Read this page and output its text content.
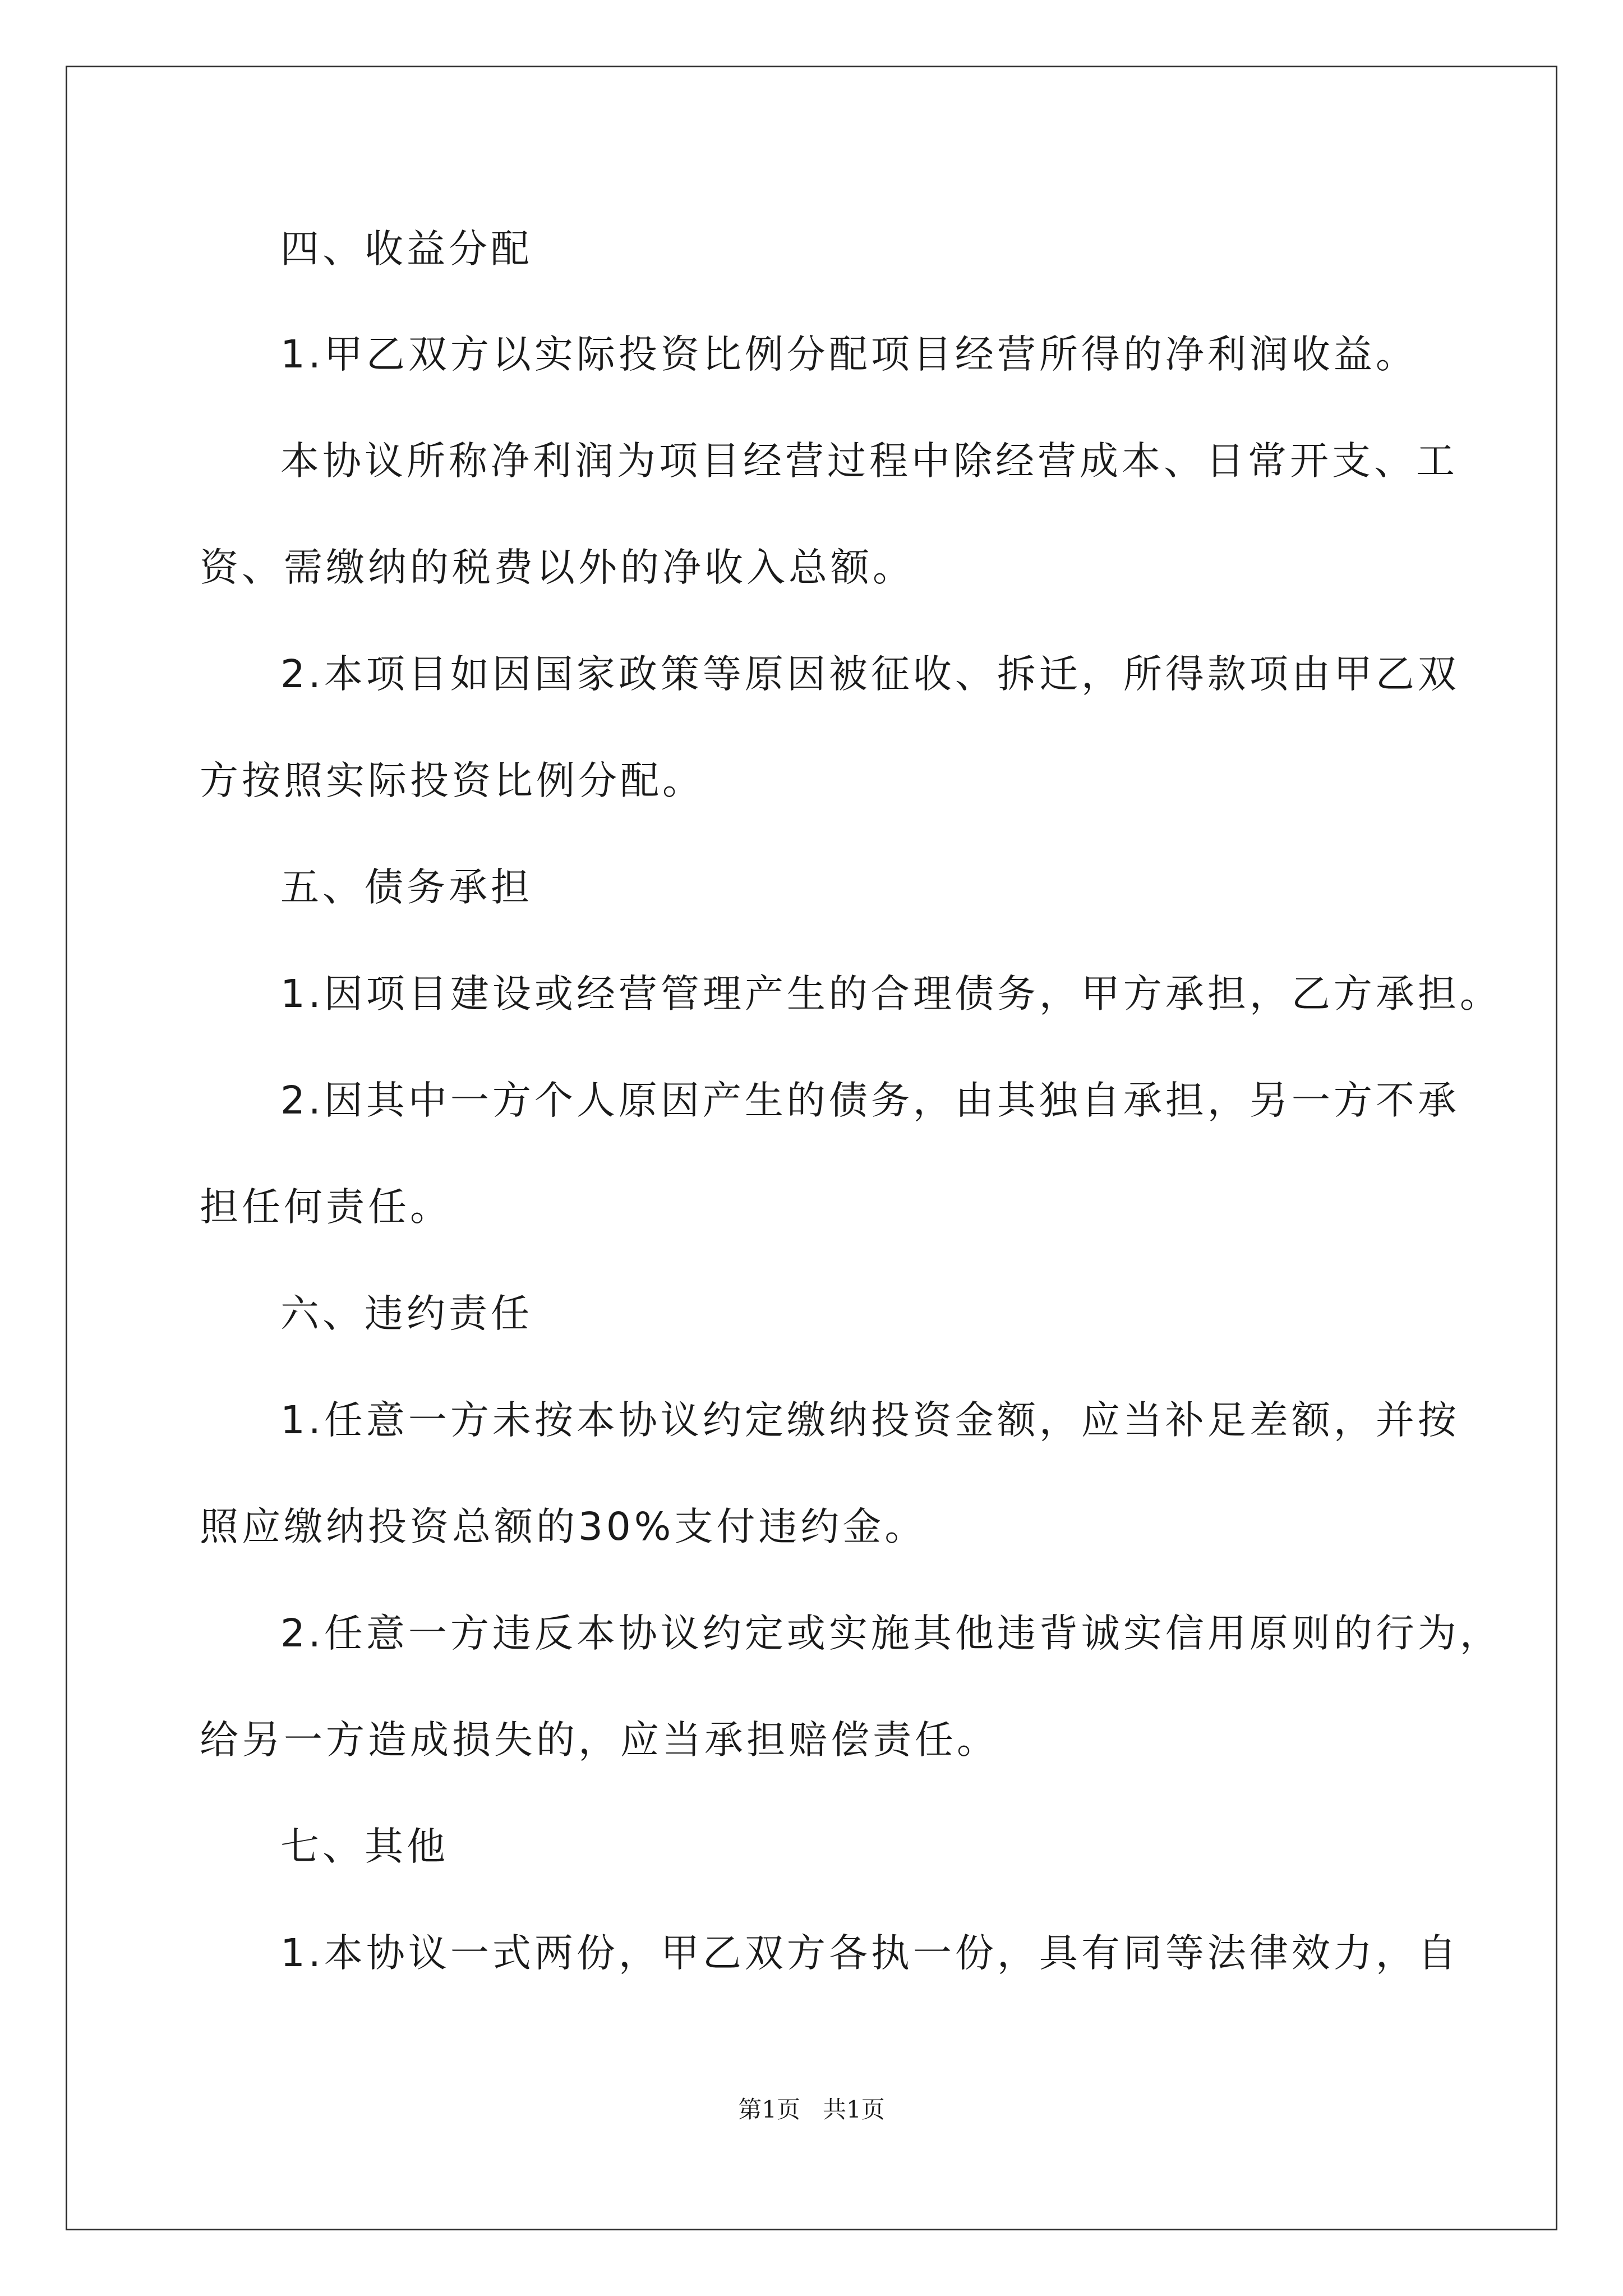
四、收益分配
1.甲乙双方以实际投资比例分配项目经营所得的净利润收益。
本协议所称净利润为项目经营过程中除经营成本、日常开支、工
资、需缴纳的税费以外的净收入总额。
2.本项目如因国家政策等原因被征收、拆迁，所得款项由甲乙双
方按照实际投资比例分配。
五、债务承担
1.因项目建设或经营管理产生的合理债务，甲方承担，乙方承担。
2.因其中一方个人原因产生的债务，由其独自承担，另一方不承
担任何责任。
六、违约责任
1.任意一方未按本协议约定缴纳投资金额，应当补足差额，并按
照应缴纳投资总额的30%支付违约金。
2.任意一方违反本协议约定或实施其他违背诚实信用原则的行为，
给另一方造成损失的，应当承担赔偿责任。
七、其他
1.本协议一式两份，甲乙双方各执一份，具有同等法律效力，自
第1页   共1页
